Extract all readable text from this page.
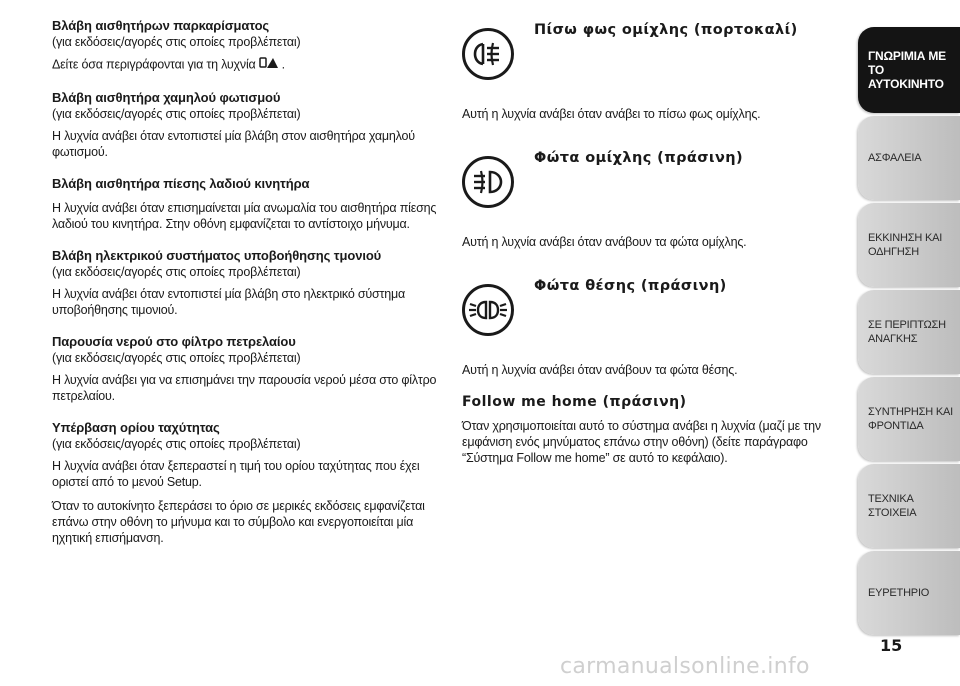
Βλάβη αισθητήρων παρκαρίσματος

(για εκδόσεις/αγορές στις οποίες προβλέπεται)

Δείτε όσα περιγράφονται για τη λυχνία .

Βλάβη αισθητήρα χαμηλού φωτισμού

(για εκδόσεις/αγορές στις οποίες προβλέπεται)

Η λυχνία ανάβει όταν εντοπιστεί μία βλάβη στον αισθητήρα χαμηλού φωτισμού.

Βλάβη αισθητήρα πίεσης λαδιού κινητήρα

Η λυχνία ανάβει όταν επισημαίνεται μία ανωμαλία του αισθητήρα πίεσης λαδιού του κινητήρα. Στην οθόνη εμφανίζεται το αντίστοιχο μήνυμα.

Βλάβη ηλεκτρικού συστήματος υποβοήθησης τμονιού

(για εκδόσεις/αγορές στις οποίες προβλέπεται)

Η λυχνία ανάβει όταν εντοπιστεί μία βλάβη στο ηλεκτρικό σύστημα υποβοήθησης τιμονιού.

Παρουσία νερού στο φίλτρο πετρελαίου

(για εκδόσεις/αγορές στις οποίες προβλέπεται)

Η λυχνία ανάβει για να επισημάνει την παρουσία νερού μέσα στο φίλτρο πετρελαίου.

Υπέρβαση ορίου ταχύτητας

(για εκδόσεις/αγορές στις οποίες προβλέπεται)

Η λυχνία ανάβει όταν ξεπεραστεί η τιμή του ορίου ταχύτητας που έχει οριστεί από το μενού Setup.

Όταν το αυτοκίνητο ξεπεράσει το όριο σε μερικές εκδόσεις εμφανίζεται επάνω στην οθόνη το μήνυμα και το σύμβολο και ενεργοποιείται μία ηχητική επισήμανση.

Πίσω φως ομίχλης (πορτοκαλί)

Αυτή η λυχνία ανάβει όταν ανάβει το πίσω φως ομίχλης.

Φώτα ομίχλης (πράσινη)

Αυτή η λυχνία ανάβει όταν ανάβουν τα φώτα ομίχλης.

Φώτα θέσης (πράσινη)

Αυτή η λυχνία ανάβει όταν ανάβουν τα φώτα θέσης.

Follow me home (πράσινη)

Όταν χρησιμοποιείται αυτό το σύστημα ανάβει η λυχνία (μαζί με την εμφάνιση ενός μηνύματος επάνω στην οθόνη) (δείτε παράγραφο “Σύστημα Follow me home” σε αυτό το κεφάλαιο).

ΓΝΩΡΙΜΙΑ ΜΕ ΤΟ ΑΥΤΟΚΙΝΗΤΟ
ΑΣΦΑΛΕΙΑ
ΕΚΚΙΝΗΣΗ ΚΑΙ ΟΔΗΓΗΣΗ
ΣΕ ΠΕΡΙΠΤΩΣΗ ΑΝΑΓΚΗΣ
ΣΥΝΤΗΡΗΣΗ ΚΑΙ ΦΡΟΝΤΙΔΑ
ΤΕΧΝΙΚΑ ΣΤΟΙΧΕΙΑ
ΕΥΡΕΤΗΡΙΟ
15
carmanualsonline.info
